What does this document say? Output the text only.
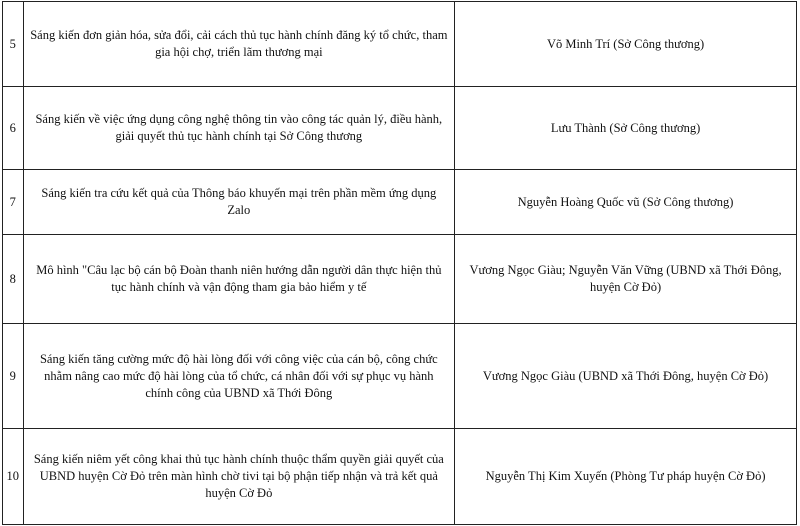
5	Sáng kiến đơn giản hóa, sửa đổi, cải cách thủ tục hành chính đăng ký tổ chức, tham gia hội chợ, triển lãm thương mại	Võ Minh Trí (Sở Công thương)
6	Sáng kiến về việc ứng dụng công nghệ thông tin vào công tác quản lý, điều hành, giải quyết thủ tục hành chính tại Sở Công thương	Lưu Thành (Sở Công thương)
7	Sáng kiến tra cứu kết quả của Thông báo khuyến mại trên phần mềm ứng dụng Zalo	Nguyễn Hoàng Quốc vũ (Sở Công thương)
8	Mô hình "Câu lạc bộ cán bộ Đoàn thanh niên hướng dẫn người dân thực hiện thủ tục hành chính và vận động tham gia bảo hiểm y tế	Vương Ngọc Giàu; Nguyễn Văn Vững (UBND xã Thới Đông, huyện Cờ Đỏ)
9	Sáng kiến tăng cường mức độ hài lòng đối với công việc của cán bộ, công chức nhằm nâng cao mức độ hài lòng của tổ chức, cá nhân đối với sự phục vụ hành chính công của UBND xã Thới Đông	Vương Ngọc Giàu (UBND xã Thới Đông, huyện Cờ Đỏ)
10	Sáng kiến niêm yết công khai thủ tục hành chính thuộc thẩm quyền giải quyết của UBND huyện Cờ Đỏ trên màn hình chờ tivi tại bộ phận tiếp nhận và trả kết quả huyện Cờ Đỏ	Nguyễn Thị Kim Xuyến (Phòng Tư pháp huyện Cờ Đỏ)
